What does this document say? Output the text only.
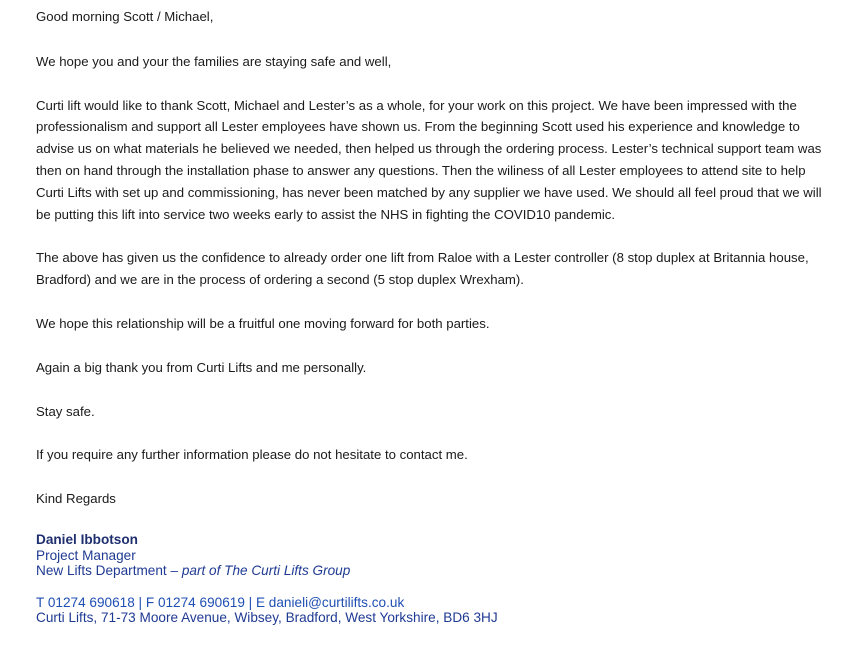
Good morning Scott / Michael,

We hope you and your the families are staying safe and well,

Curti lift would like to thank Scott, Michael and Lester’s as a whole, for your work on this project. We have been impressed with the professionalism and support all Lester employees have shown us. From the beginning Scott used his experience and knowledge to advise us on what materials he believed we needed, then helped us through the ordering process. Lester’s technical support team was then on hand through the installation phase to answer any questions. Then the wiliness of all Lester employees to attend site to help Curti Lifts with set up and commissioning, has never been matched by any supplier we have used. We should all feel proud that we will be putting this lift into service two weeks early to assist the NHS in fighting the COVID10 pandemic.

The above has given us the confidence to already order one lift from Raloe with a Lester controller (8 stop duplex at Britannia house, Bradford) and we are in the process of ordering a second (5 stop duplex Wrexham).

We hope this relationship will be a fruitful one moving forward for both parties.

Again a big thank you from Curti Lifts and me personally.

Stay safe.

If you require any further information please do not hesitate to contact me.

Kind Regards

Daniel Ibbotson
Project Manager
New Lifts Department – part of The Curti Lifts Group
T 01274 690618 | F 01274 690619 | E danieli@curtilifts.co.uk
Curti Lifts, 71-73 Moore Avenue, Wibsey, Bradford, West Yorkshire, BD6 3HJ
